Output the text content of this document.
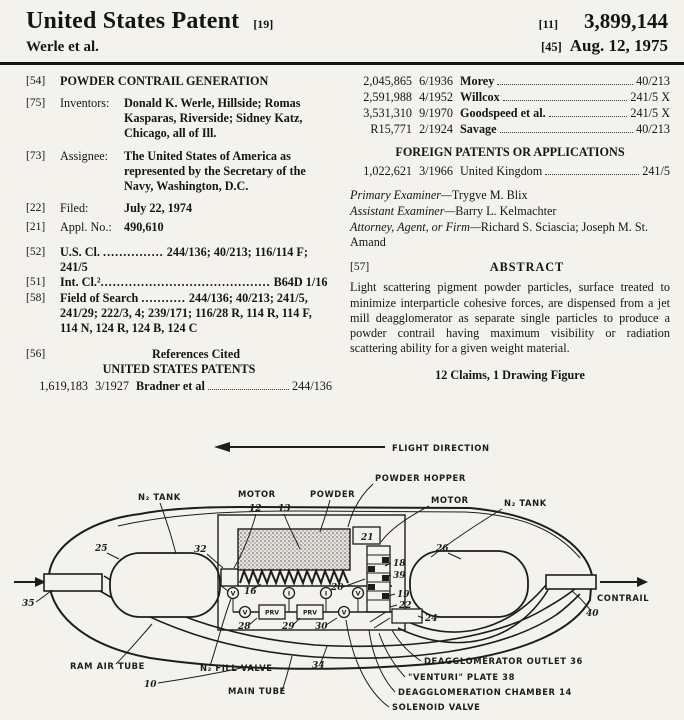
United States Patent [19]	[11] 3,899,144
Werle et al.	[45] Aug. 12, 1975
[54]	POWDER CONTRAIL GENERATION
[75]	Inventors:	Donald K. Werle, Hillside; Romas Kasparas, Riverside; Sidney Katz, Chicago, all of Ill.
[73]	Assignee:	The United States of America as represented by the Secretary of the Navy, Washington, D.C.
[22]	Filed:	July 22, 1974
[21]	Appl. No.:	490,610
[52]	U.S. Cl. ............... 244/136; 40/213; 116/114 F; 241/5
[51]	Int. Cl.².......................................... B64D 1/16
[58]	Field of Search ........... 244/136; 40/213; 241/5, 241/29; 222/3, 4; 239/171; 116/28 R, 114 R, 114 F, 114 N, 124 R, 124 B, 124 C
[56]	References Cited
UNITED STATES PATENTS
1,619,183 3/1927 Bradner et al	244/136
2,045,865 6/1936 Morey	40/213
2,591,988 4/1952 Willcox	241/5 X
3,531,310 9/1970 Goodspeed et al.	241/5 X
R15,771 2/1924 Savage	40/213
FOREIGN PATENTS OR APPLICATIONS
1,022,621 3/1966 United Kingdom	241/5

Primary Examiner—Trygve M. Blix

Assistant Examiner—Barry L. Kelmachter

Attorney, Agent, or Firm—Richard S. Sciascia; Joseph M. St. Amand

[57]	ABSTRACT
Light scattering pigment powder particles, surface treated to minimize interparticle cohesive forces, are dispensed from a jet mill deagglomerator as separate single particles to produce a powder contrail having maximum visibility or radiation scattering ability for a given weight material.
12 Claims, 1 Drawing Figure
FLIGHT DIRECTION
CONTRAIL
V	I	I	V
V	V
PRV	PRV
N₂ TANK	MOTOR	POWDER
POWDER HOPPER
MOTOR	N₂ TANK
RAM AIR TUBE	N₂ FILL VALVE
MAIN TUBE
DEAGGLOMERATOR OUTLET 36
"VENTURI" PLATE 38
DEAGGLOMERATION CHAMBER 14
SOLENOID VALVE
12 13
25	26
32
35
21
16	20
18
39
19
22
24
28	29 30
40
10
34
